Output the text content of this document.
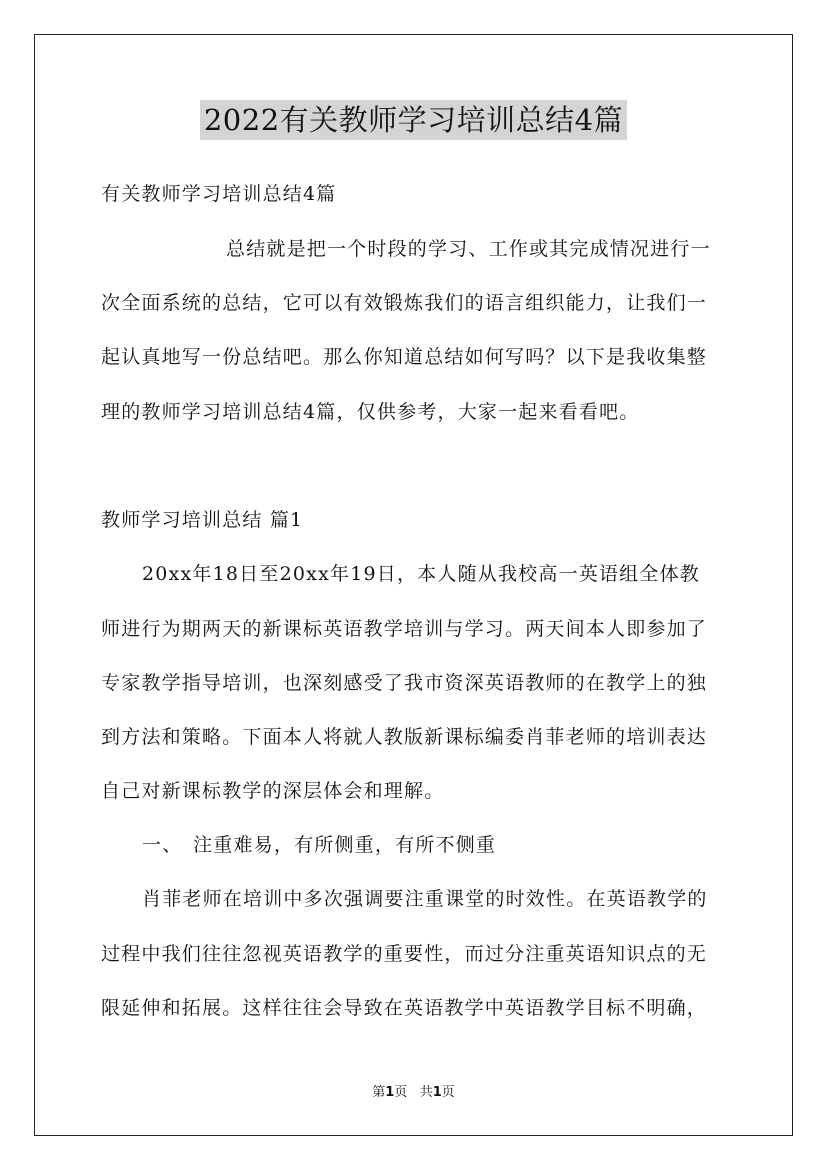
2022有关教师学习培训总结4篇
有关教师学习培训总结4篇
总结就是把一个时段的学习、工作或其完成情况进行一
次全面系统的总结，它可以有效锻炼我们的语言组织能力，让我们一
起认真地写一份总结吧。那么你知道总结如何写吗？以下是我收集整
理的教师学习培训总结4篇，仅供参考，大家一起来看看吧。
教师学习培训总结 篇1
20xx年18日至20xx年19日，本人随从我校高一英语组全体教
师进行为期两天的新课标英语教学培训与学习。两天间本人即参加了
专家教学指导培训，也深刻感受了我市资深英语教师的在教学上的独
到方法和策略。下面本人将就人教版新课标编委肖菲老师的培训表达
自己对新课标教学的深层体会和理解。
一、　注重难易，有所侧重，有所不侧重
肖菲老师在培训中多次强调要注重课堂的时效性。在英语教学的
过程中我们往往忽视英语教学的重要性，而过分注重英语知识点的无
限延伸和拓展。这样往往会导致在英语教学中英语教学目标不明确，
第1页 共1页
